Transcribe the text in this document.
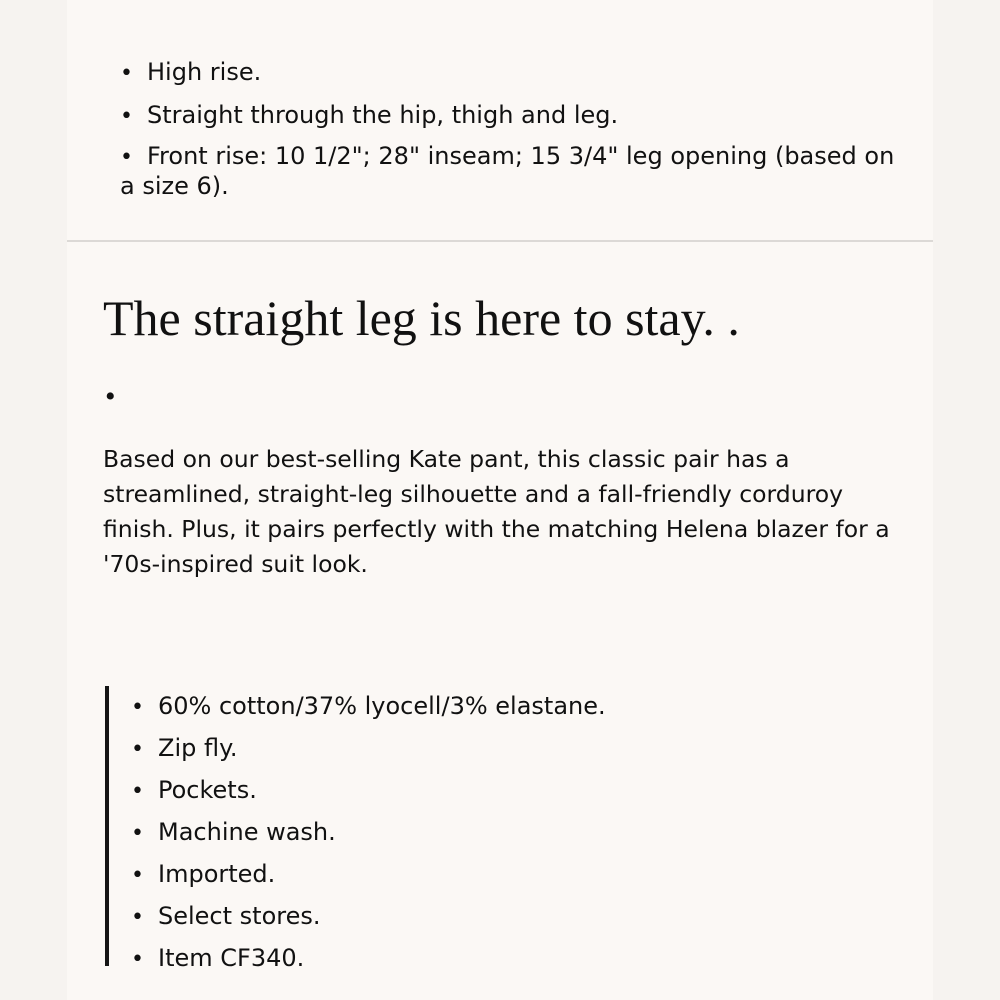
• High rise.
• Straight through the hip, thigh and leg.
• Front rise: 10 1/2"; 28" inseam; 15 3/4" leg opening (based on a size 6).
The straight leg is here to stay. .
•

Based on our best-selling Kate pant, this classic pair has a streamlined, straight-leg silhouette and a fall-friendly corduroy finish. Plus, it pairs perfectly with the matching Helena blazer for a '70s-inspired suit look.

• 60% cotton/37% lyocell/3% elastane.
• Zip fly.
• Pockets.
• Machine wash.
• Imported.
• Select stores.
• Item CF340.
